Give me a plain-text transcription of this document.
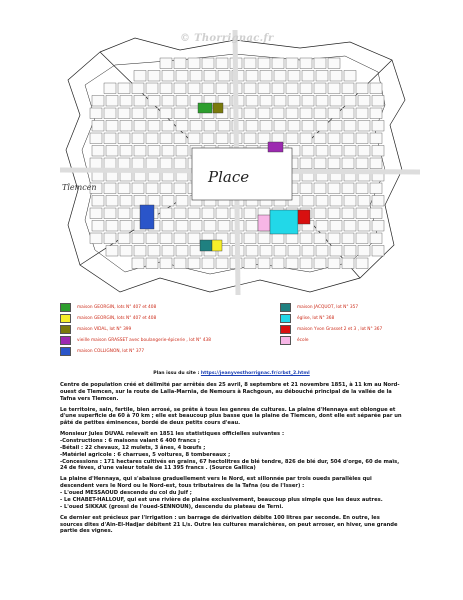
Place
Tlemcen
© Thorrignac.fr
maison GEORGIN, lots N° 407 et 408
maison GEORGIN, lots N° 407 et 408
maison VIDAL, lot N° 399
vieille maison GRASSET avec boulangerie-épicerie , lot N° 438
maison COLLIGNON, lot N° 377
maison JACQUOT, lot N° 357
église, lot N° 368
maison Yvon Grasset 2 et 3 , lot N° 367
école
Plan issu du site : https://jeanyvesthorrignac.fr/crbst_2.html

Centre de population créé et délimité par arrêtés des 25 avril, 8 septembre et 21 novembre 1851, à 11 km au Nord-
ouest de Tlemcen, sur la route de Lalla-Marnia, de Nemours à Rachgoun, au débouché principal de la vallée de la
Tafna vers Tlemcen.

Le territoire, sain, fertile, bien arrosé, se prête à tous les genres de cultures. La plaine d'Hennaya est oblongue et
d'une superficie de 60 à 70 km ; elle est beaucoup plus basse que la plaine de Tlemcen, dont elle est séparée par un
pâté de petites éminences, bordé de deux petits cours d'eau.

Monsieur Jules DUVAL relevait en 1851 les statistiques officielles suivantes :
-Constructions : 6 maisons valant 6 400 francs ;
-Bétail : 22 chevaux, 12 mulets, 3 ânes, 4 bœufs ;
-Matériel agricole : 6 charrues, 5 voitures, 8 tombereaux ;
-Concessions : 171 hectares cultivés en grains, 67 hectolitres de blé tendre, 826 de blé dur, 504 d'orge, 60 de maïs,
24 de fèves, d'une valeur totale de 11 395 francs . (Source Gallica)

La plaine d'Hennaya, qui s'abaisse graduellement vers le Nord, est sillonnée par trois oueds parallèles qui
descendent vers le Nord ou le Nord-est, tous tributaires de la Tafna (ou de l'Isser) :
- L'oued MESSAOUD descendu du col du Juif ;
- Le CHABET-HALLOUF, qui est une rivière de plaine exclusivement, beaucoup plus simple que les deux autres.
- L'oued SIKKAK (grossi de l'oued-SENNOUN), descendu du plateau de Terni.

Ce dernier est précieux par l'irrigation : un barrage de dérivation débite 100 litres par seconde. En outre, les
sources dites d'Ain-El-Hadjar débitent 21 L/s. Outre les cultures maraîchères, on peut arroser, en hiver, une grande
partie des vignes.
